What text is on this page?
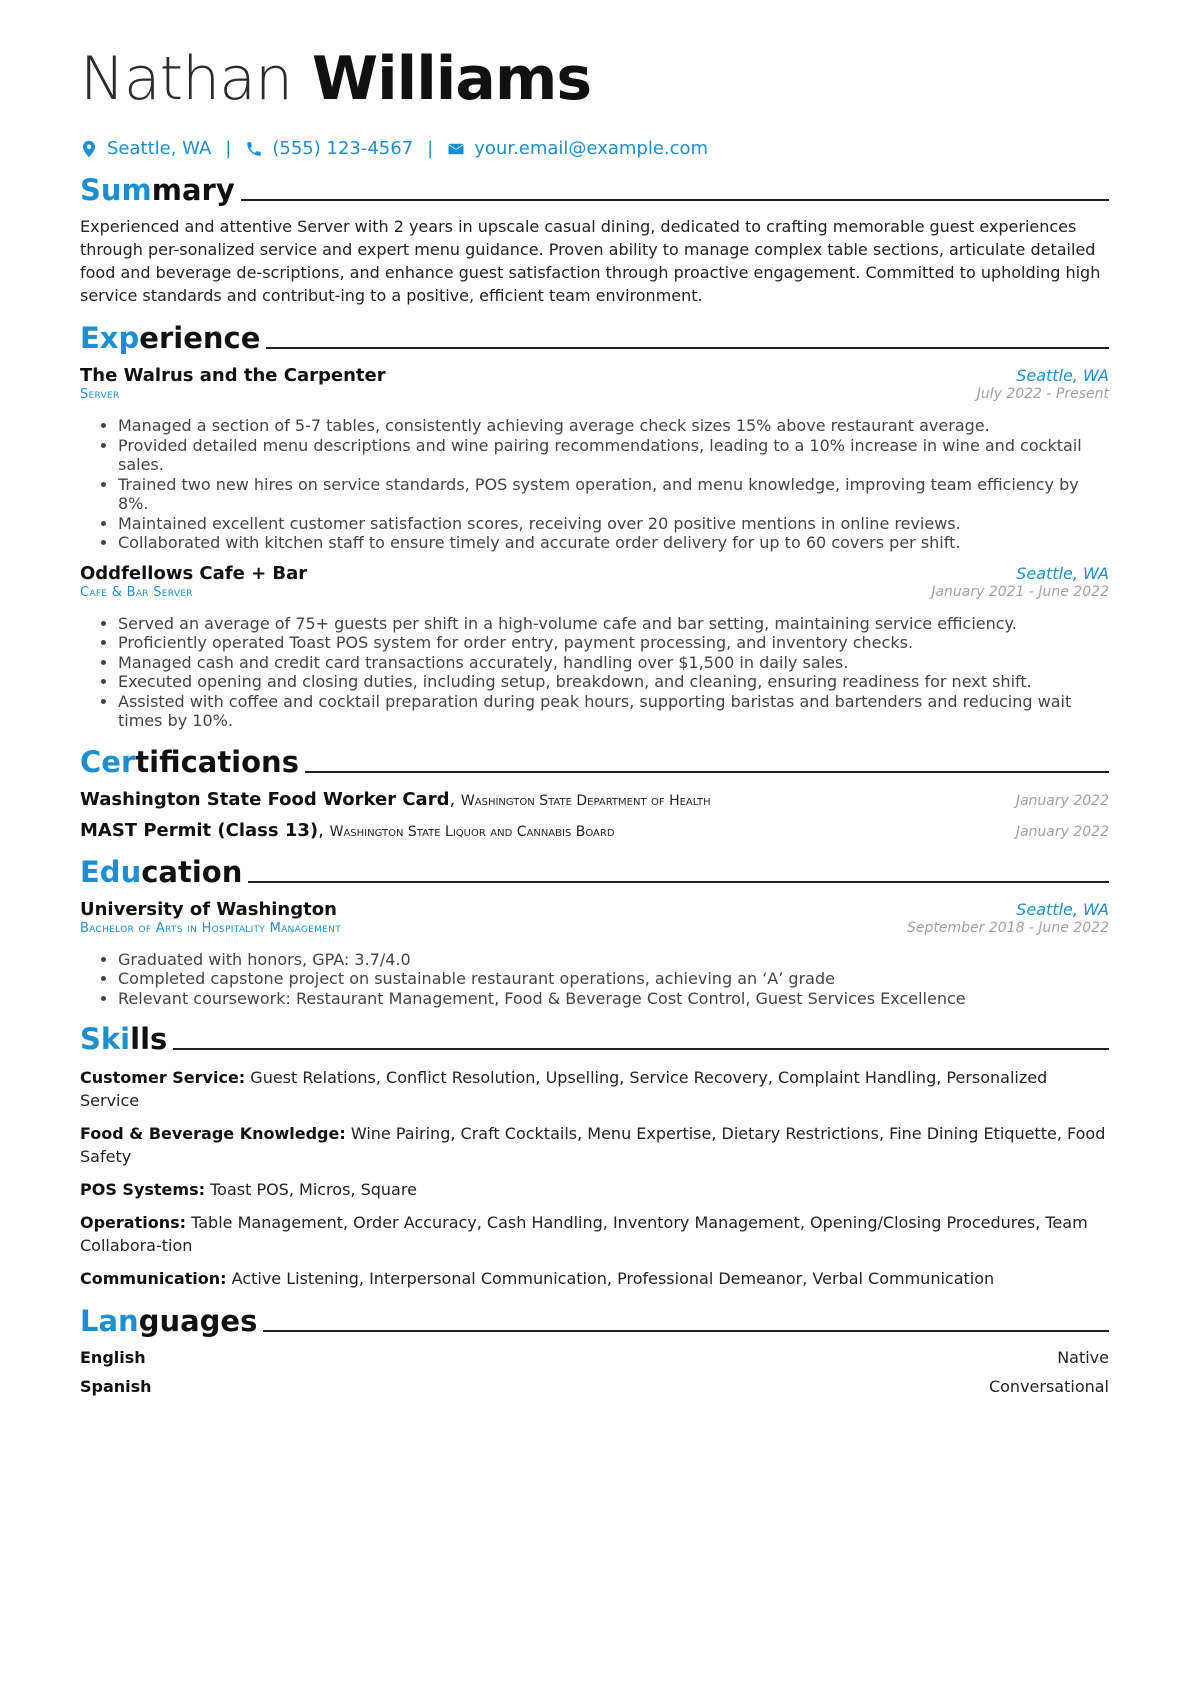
Nathan Williams
Seattle, WA | (555) 123-4567 | your.email@example.com
Summary
Experienced and attentive Server with 2 years in upscale casual dining, dedicated to crafting memorable guest experiences through per-sonalized service and expert menu guidance. Proven ability to manage complex table sections, articulate detailed food and beverage de-scriptions, and enhance guest satisfaction through proactive engagement. Committed to upholding high service standards and contribut-ing to a positive, efficient team environment.
Experience
The Walrus and the Carpenter	Seattle, WA
Server	July 2022 - Present
• Managed a section of 5-7 tables, consistently achieving average check sizes 15% above restaurant average.
• Provided detailed menu descriptions and wine pairing recommendations, leading to a 10% increase in wine and cocktail sales.
• Trained two new hires on service standards, POS system operation, and menu knowledge, improving team efficiency by 8%.
• Maintained excellent customer satisfaction scores, receiving over 20 positive mentions in online reviews.
• Collaborated with kitchen staff to ensure timely and accurate order delivery for up to 60 covers per shift.
Oddfellows Cafe + Bar	Seattle, WA
Cafe & Bar Server	January 2021 - June 2022
• Served an average of 75+ guests per shift in a high-volume cafe and bar setting, maintaining service efficiency.
• Proficiently operated Toast POS system for order entry, payment processing, and inventory checks.
• Managed cash and credit card transactions accurately, handling over $1,500 in daily sales.
• Executed opening and closing duties, including setup, breakdown, and cleaning, ensuring readiness for next shift.
• Assisted with coffee and cocktail preparation during peak hours, supporting baristas and bartenders and reducing wait times by 10%.
Certifications
Washington State Food Worker Card, Washington State Department of Health	January 2022
MAST Permit (Class 13), Washington State Liquor and Cannabis Board	January 2022
Education
University of Washington	Seattle, WA
Bachelor of Arts in Hospitality Management	September 2018 - June 2022
• Graduated with honors, GPA: 3.7/4.0
• Completed capstone project on sustainable restaurant operations, achieving an ‘A’ grade
• Relevant coursework: Restaurant Management, Food & Beverage Cost Control, Guest Services Excellence
Skills
Customer Service: Guest Relations, Conflict Resolution, Upselling, Service Recovery, Complaint Handling, Personalized Service
Food & Beverage Knowledge: Wine Pairing, Craft Cocktails, Menu Expertise, Dietary Restrictions, Fine Dining Etiquette, Food Safety
POS Systems: Toast POS, Micros, Square
Operations: Table Management, Order Accuracy, Cash Handling, Inventory Management, Opening/Closing Procedures, Team Collabora-tion
Communication: Active Listening, Interpersonal Communication, Professional Demeanor, Verbal Communication
Languages
English	Native
Spanish	Conversational
